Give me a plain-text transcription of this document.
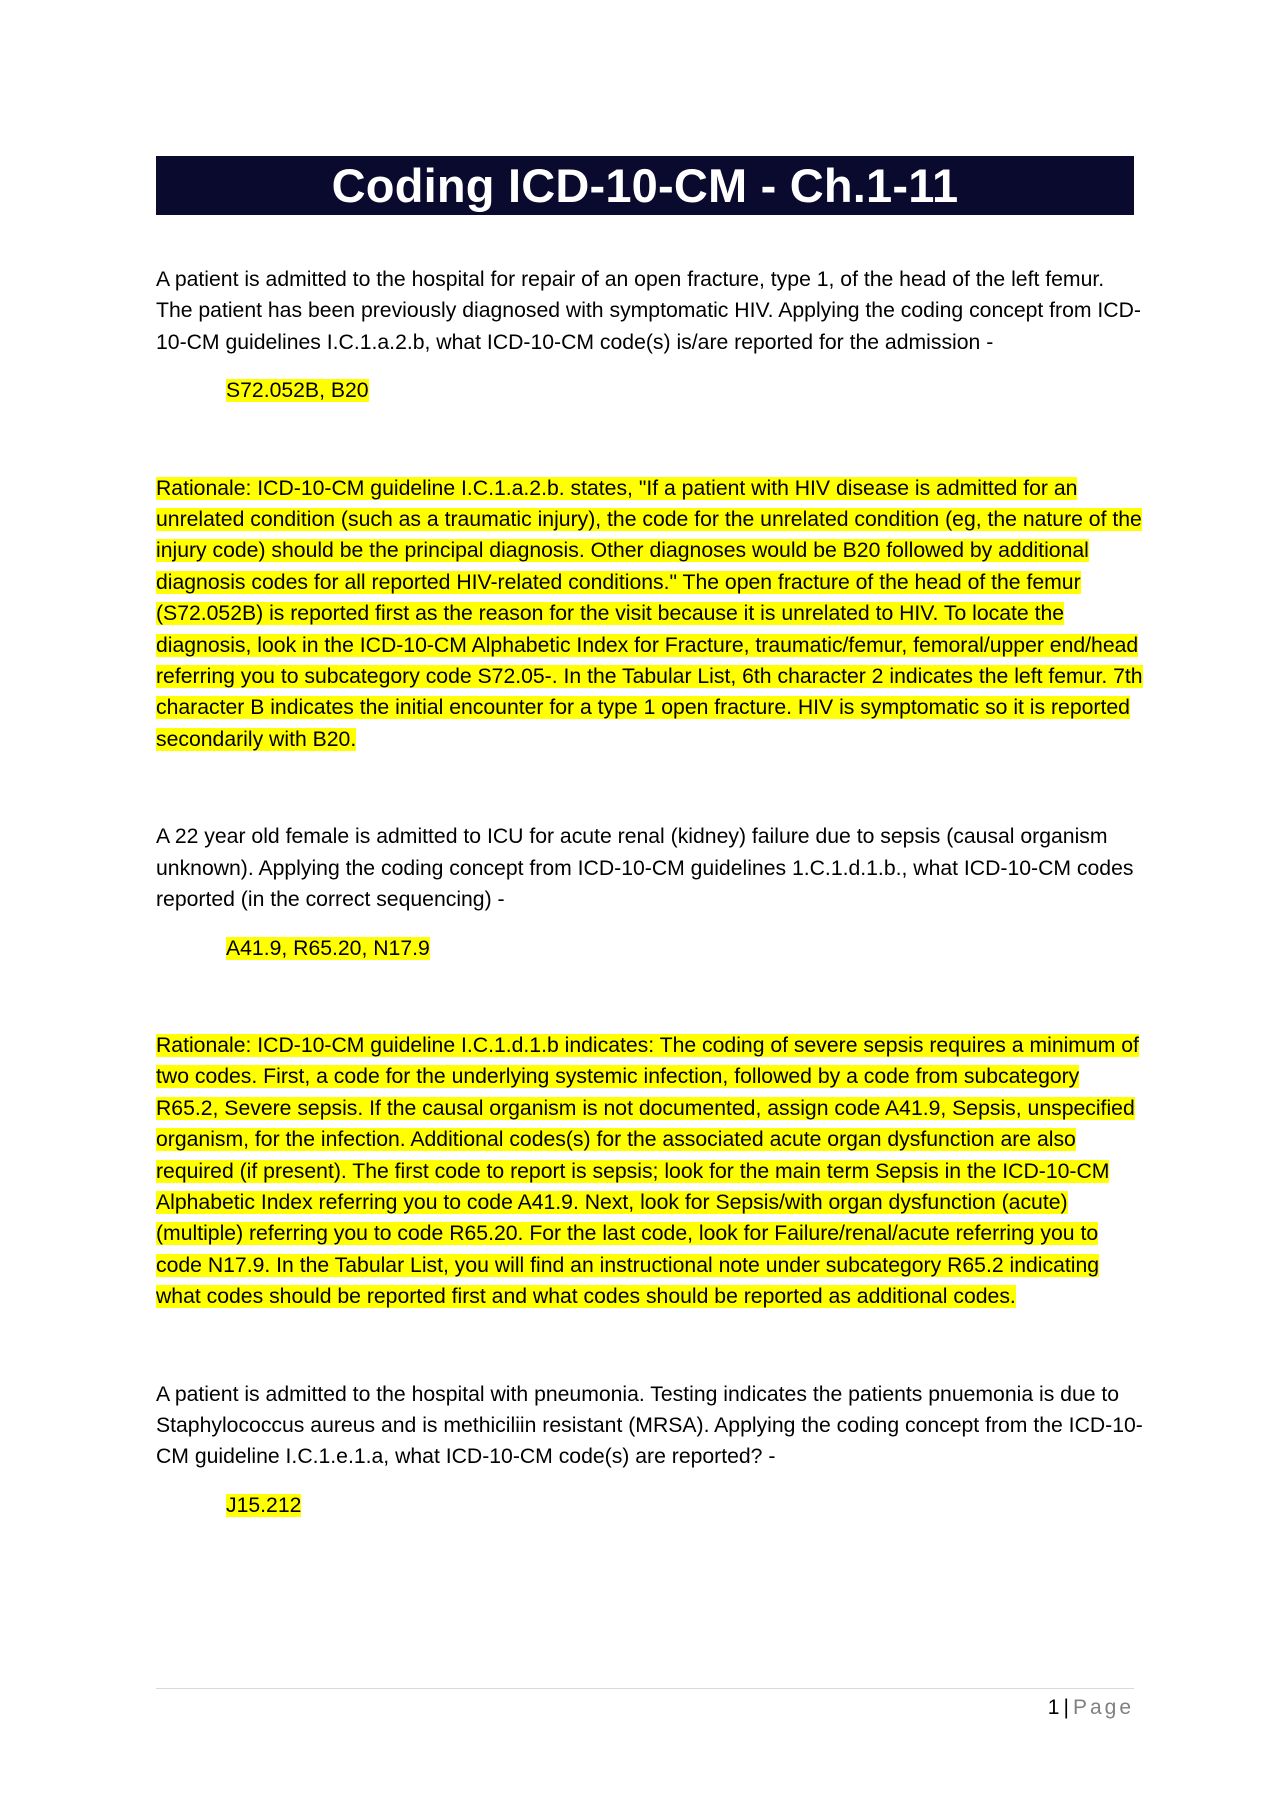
Coding ICD-10-CM - Ch.1-11

A patient is admitted to the hospital for repair of an open fracture, type 1, of the head of the left femur. The patient has been previously diagnosed with symptomatic HIV. Applying the coding concept from ICD-10-CM guidelines I.C.1.a.2.b, what ICD-10-CM code(s) is/are reported for the admission -

S72.052B, B20

Rationale: ICD-10-CM guideline I.C.1.a.2.b. states, "If a patient with HIV disease is admitted for an unrelated condition (such as a traumatic injury), the code for the unrelated condition (eg, the nature of the injury code) should be the principal diagnosis. Other diagnoses would be B20 followed by additional diagnosis codes for all reported HIV-related conditions." The open fracture of the head of the femur (S72.052B) is reported first as the reason for the visit because it is unrelated to HIV. To locate the diagnosis, look in the ICD-10-CM Alphabetic Index for Fracture, traumatic/femur, femoral/upper end/head referring you to subcategory code S72.05-. In the Tabular List, 6th character 2 indicates the left femur. 7th character B indicates the initial encounter for a type 1 open fracture. HIV is symptomatic so it is reported secondarily with B20.

A 22 year old female is admitted to ICU for acute renal (kidney) failure due to sepsis (causal organism unknown). Applying the coding concept from ICD-10-CM guidelines 1.C.1.d.1.b., what ICD-10-CM codes reported (in the correct sequencing) -

A41.9, R65.20, N17.9

Rationale: ICD-10-CM guideline I.C.1.d.1.b indicates: The coding of severe sepsis requires a minimum of two codes. First, a code for the underlying systemic infection, followed by a code from subcategory R65.2, Severe sepsis. If the causal organism is not documented, assign code A41.9, Sepsis, unspecified organism, for the infection. Additional codes(s) for the associated acute organ dysfunction are also required (if present). The first code to report is sepsis; look for the main term Sepsis in the ICD-10-CM Alphabetic Index referring you to code A41.9. Next, look for Sepsis/with organ dysfunction (acute) (multiple) referring you to code R65.20. For the last code, look for Failure/renal/acute referring you to code N17.9. In the Tabular List, you will find an instructional note under subcategory R65.2 indicating what codes should be reported first and what codes should be reported as additional codes.

A patient is admitted to the hospital with pneumonia. Testing indicates the patients pnuemonia is due to Staphylococcus aureus and is methiciliin resistant (MRSA). Applying the coding concept from the ICD-10-CM guideline I.C.1.e.1.a, what ICD-10-CM code(s) are reported? -

J15.212

1 | Page
